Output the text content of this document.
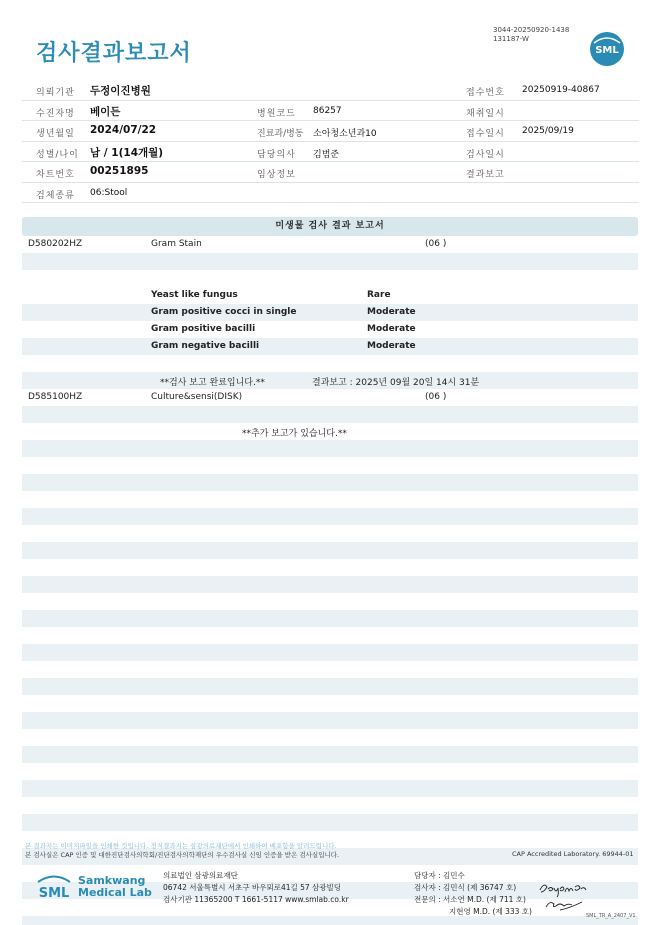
검사결과보고서
3044-20250920-1438
131187-W
SML
의뢰기관 두정이진병원	접수번호 20250919-40867
수진자명 베이든	병원코드 86257	채취일시
생년월일 2024/07/22	진료과/병동 소아청소년과10	접수일시 2025/09/19
성별/나이 남 / 1(14개월)	담당의사 김범준	검사일시
차트번호 00251895	임상정보	결과보고
검체종류 06:Stool
미생물 검사 결과 보고서
D580202HZ	Gram Stain	(06 )
Yeast like fungus	Rare
Gram positive cocci in single	Moderate
Gram positive bacilli	Moderate
Gram negative bacilli	Moderate
**검사 보고 완료입니다.**	결과보고 : 2025년 09월 20일 14시 31분
D585100HZ	Culture&sensi(DISK)	(06 )
**추가 보고가 있습니다.**
본 결과지는 이미지파일을 인쇄한 것입니다. 정식결과지는 삼광의료재단에서 인쇄하여 배포함을 알려드립니다.
본 검사실은 CAP 인증 및 대한진단검사의학회/진단검사의학재단의 우수검사실 신임 인증을 받은 검사실입니다.	CAP Accredited Laboratory. 69944-01
SML
Samkwang
Medical Lab
의료법인 삼광의료재단
06742 서울특별시 서초구 바우뫼로41길 57 삼광빌딩
검사기관 11365200 T 1661-5117 www.smlab.co.kr
담당자 : 김민수
검사자 : 김민식 (제 36747 호)
전문의 : 서소연 M.D. (제 711 호)
지현영 M.D. (제 333 호)	SML_TR_A_2407_V1
